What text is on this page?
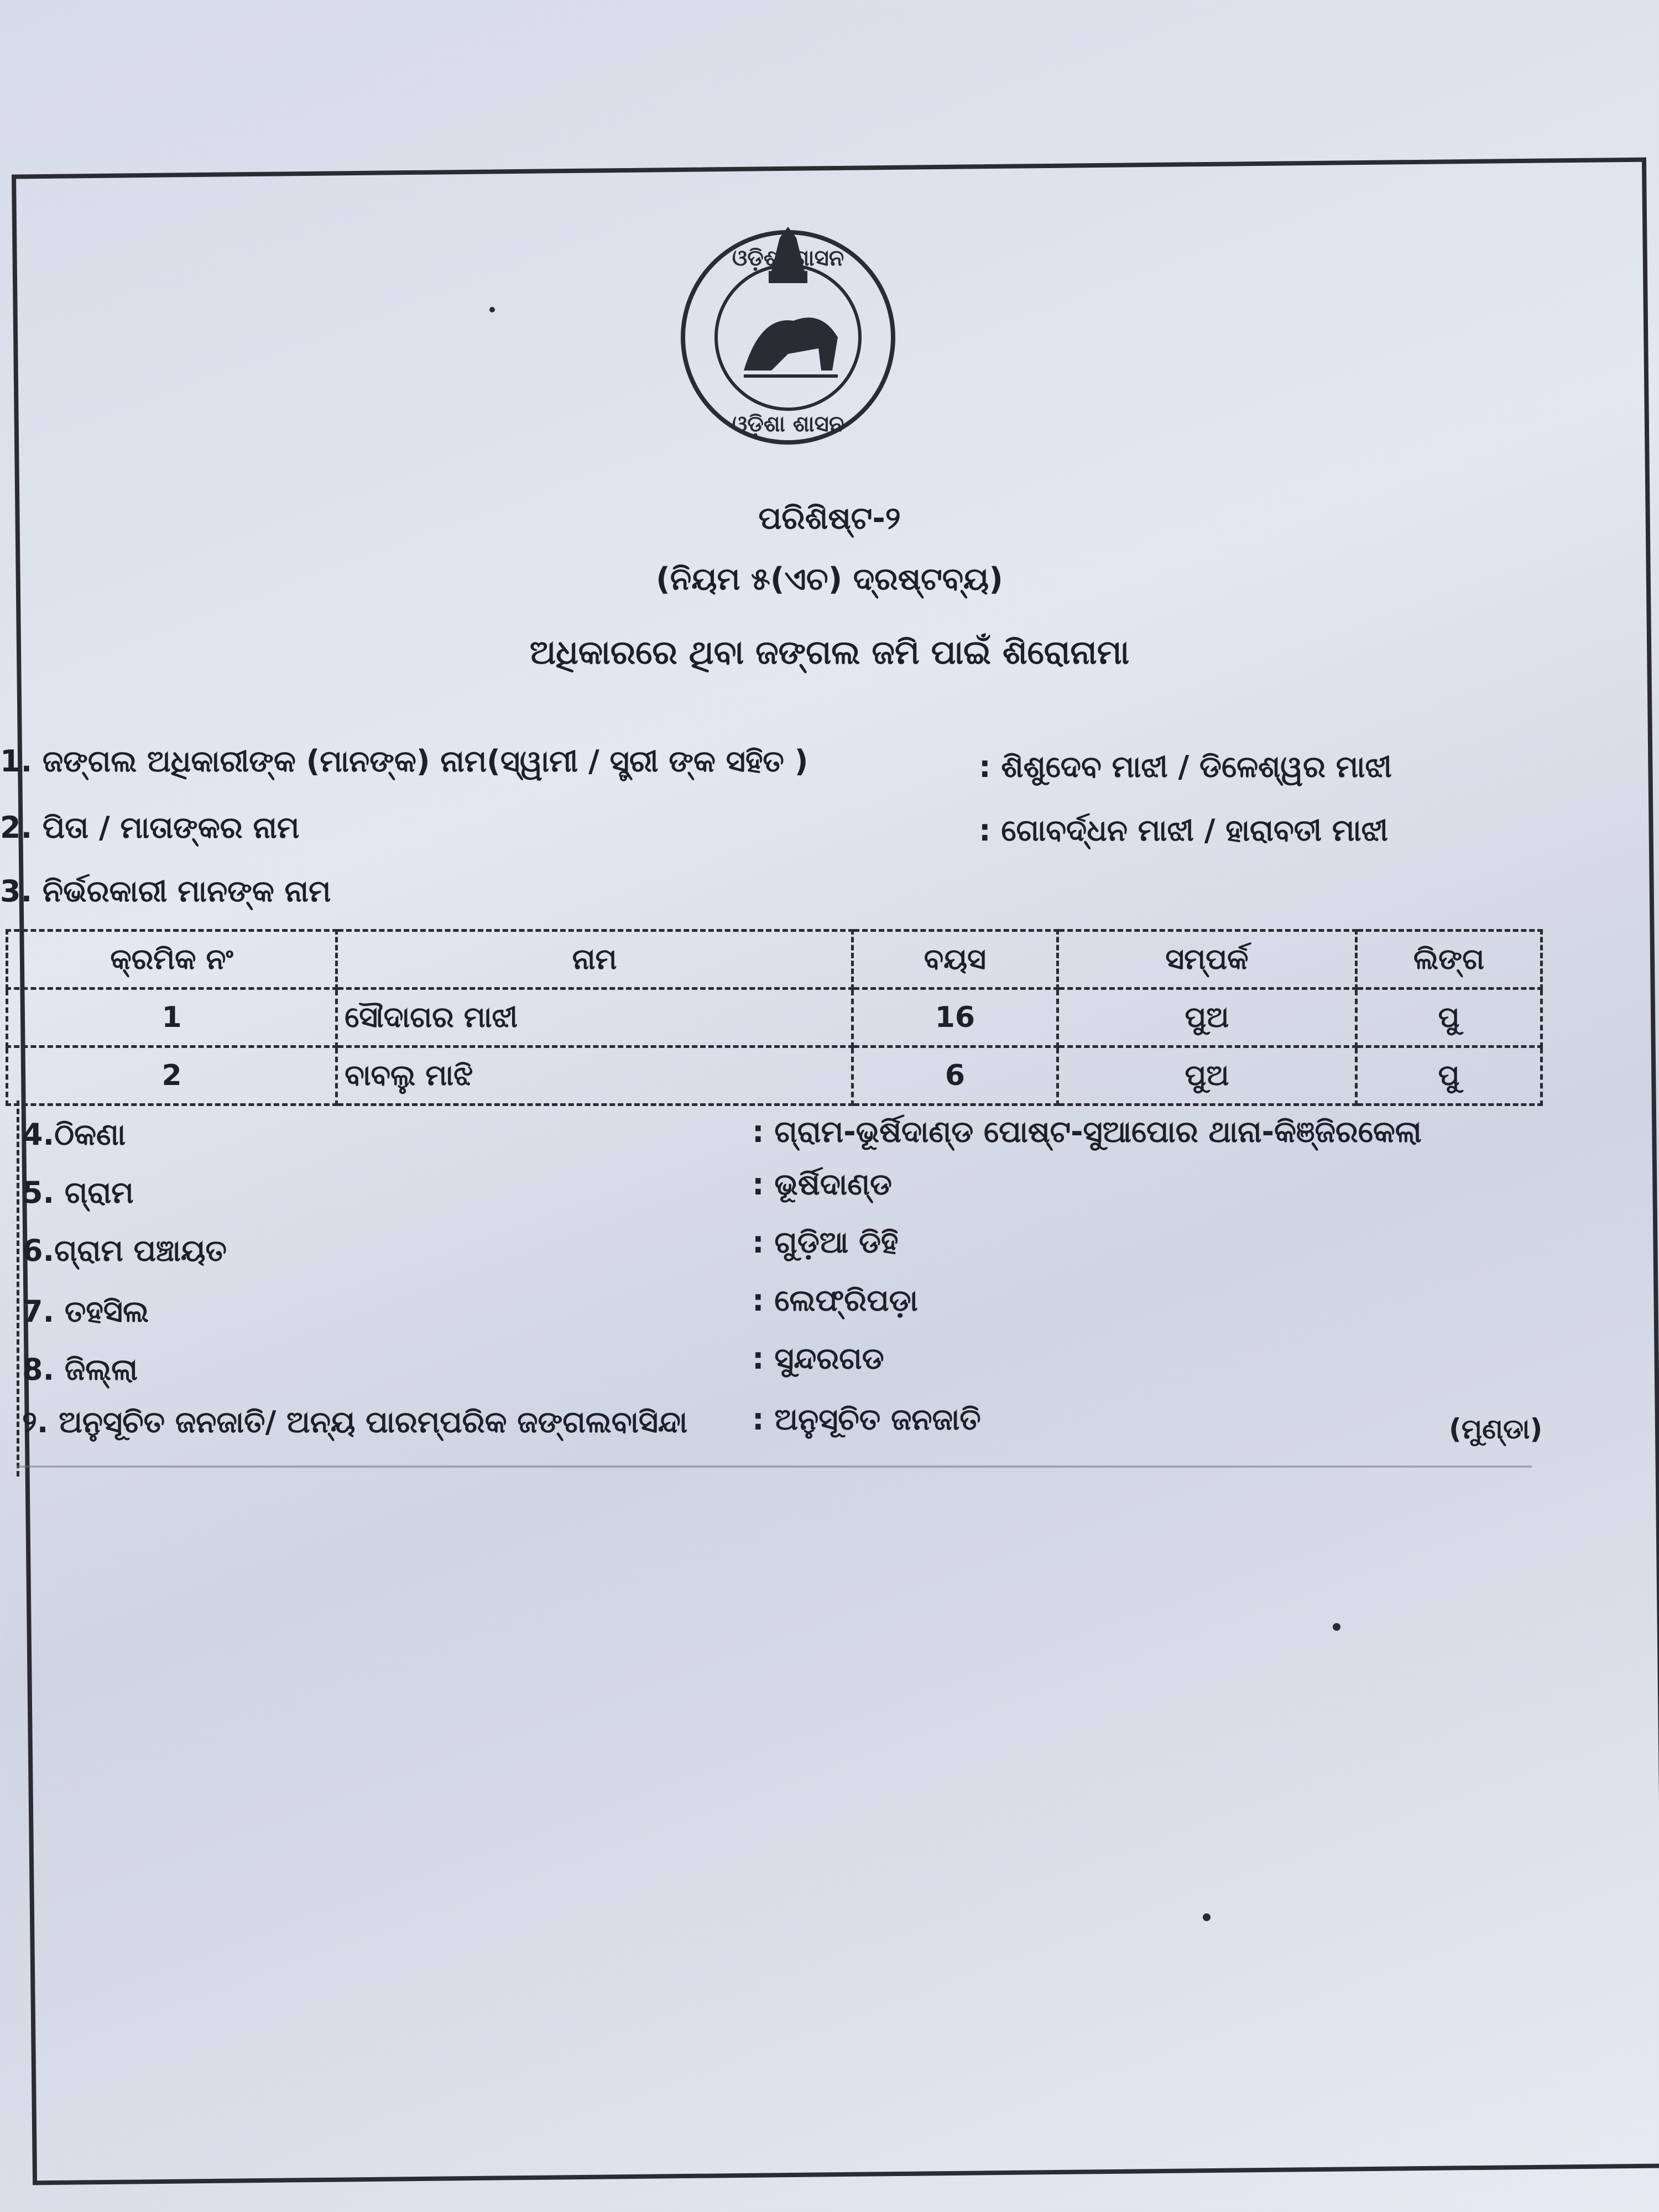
ଓଡ଼ିଶା ଶାସନ
ଓଡ଼ିଶା ଶାସନ
ପରିଶିଷ୍ଟ-୨
(ନିୟମ ୫(ଏଚ) ଦ୍ରଷ୍ଟବ୍ୟ)
ଅଧିକାରରେ ଥିବା ଜଙ୍ଗଲ ଜମି ପାଇଁ ଶିରୋନାମା
1. ଜଙ୍ଗଲ ଅଧିକାରୀଙ୍କ (ମାନଙ୍କ) ନାମ(ସ୍ୱାମୀ / ସ୍ତ୍ରୀ ଙ୍କ ସହିତ )	: ଶିଶୁଦେବ ମାଝୀ / ଡିଳେଶ୍ୱର ମାଝୀ
2. ପିତା / ମାତାଙ୍କର ନାମ	: ଗୋବର୍ଦ୍ଧନ ମାଝୀ / ହାରାବତୀ ମାଝୀ
3. ନିର୍ଭରକାରୀ ମାନଙ୍କ ନାମ
କ୍ରମିକ ନଂ	ନାମ	ବୟସ	ସମ୍ପର୍କ	ଲିଙ୍ଗ
1	ସୌଦାଗର ମାଝୀ	16	ପୁଅ	ପୁ
2	ବାବଲୁ ମାଝି	6	ପୁଅ	ପୁ
4.ଠିକଣା	: ଗ୍ରାମ-ଭୂର୍ଷିଦାଣ୍ଡ ପୋଷ୍ଟ-ସୁଆପୋର ଥାନା-କିଞ୍ଜିରକେଲା
5. ଗ୍ରାମ	: ଭୂର୍ଷିଦାଣ୍ଡ
6.ଗ୍ରାମ ପଞ୍ଚାୟତ	: ଗୁଡ଼ିଆ ଡିହି
7. ତହସିଲ	: ଲେଫ୍ରିପଡ଼ା
8. ଜିଲ୍ଲା	: ସୁନ୍ଦରଗଡ
୨. ଅନୁସୂଚିତ ଜନଜାତି/ ଅନ୍ୟ ପାରମ୍ପରିକ ଜଙ୍ଗଲବାସିନ୍ଦା : ଅନୁସୂଚିତ ଜନଜାତି	(ମୁଣ୍ଡା)
